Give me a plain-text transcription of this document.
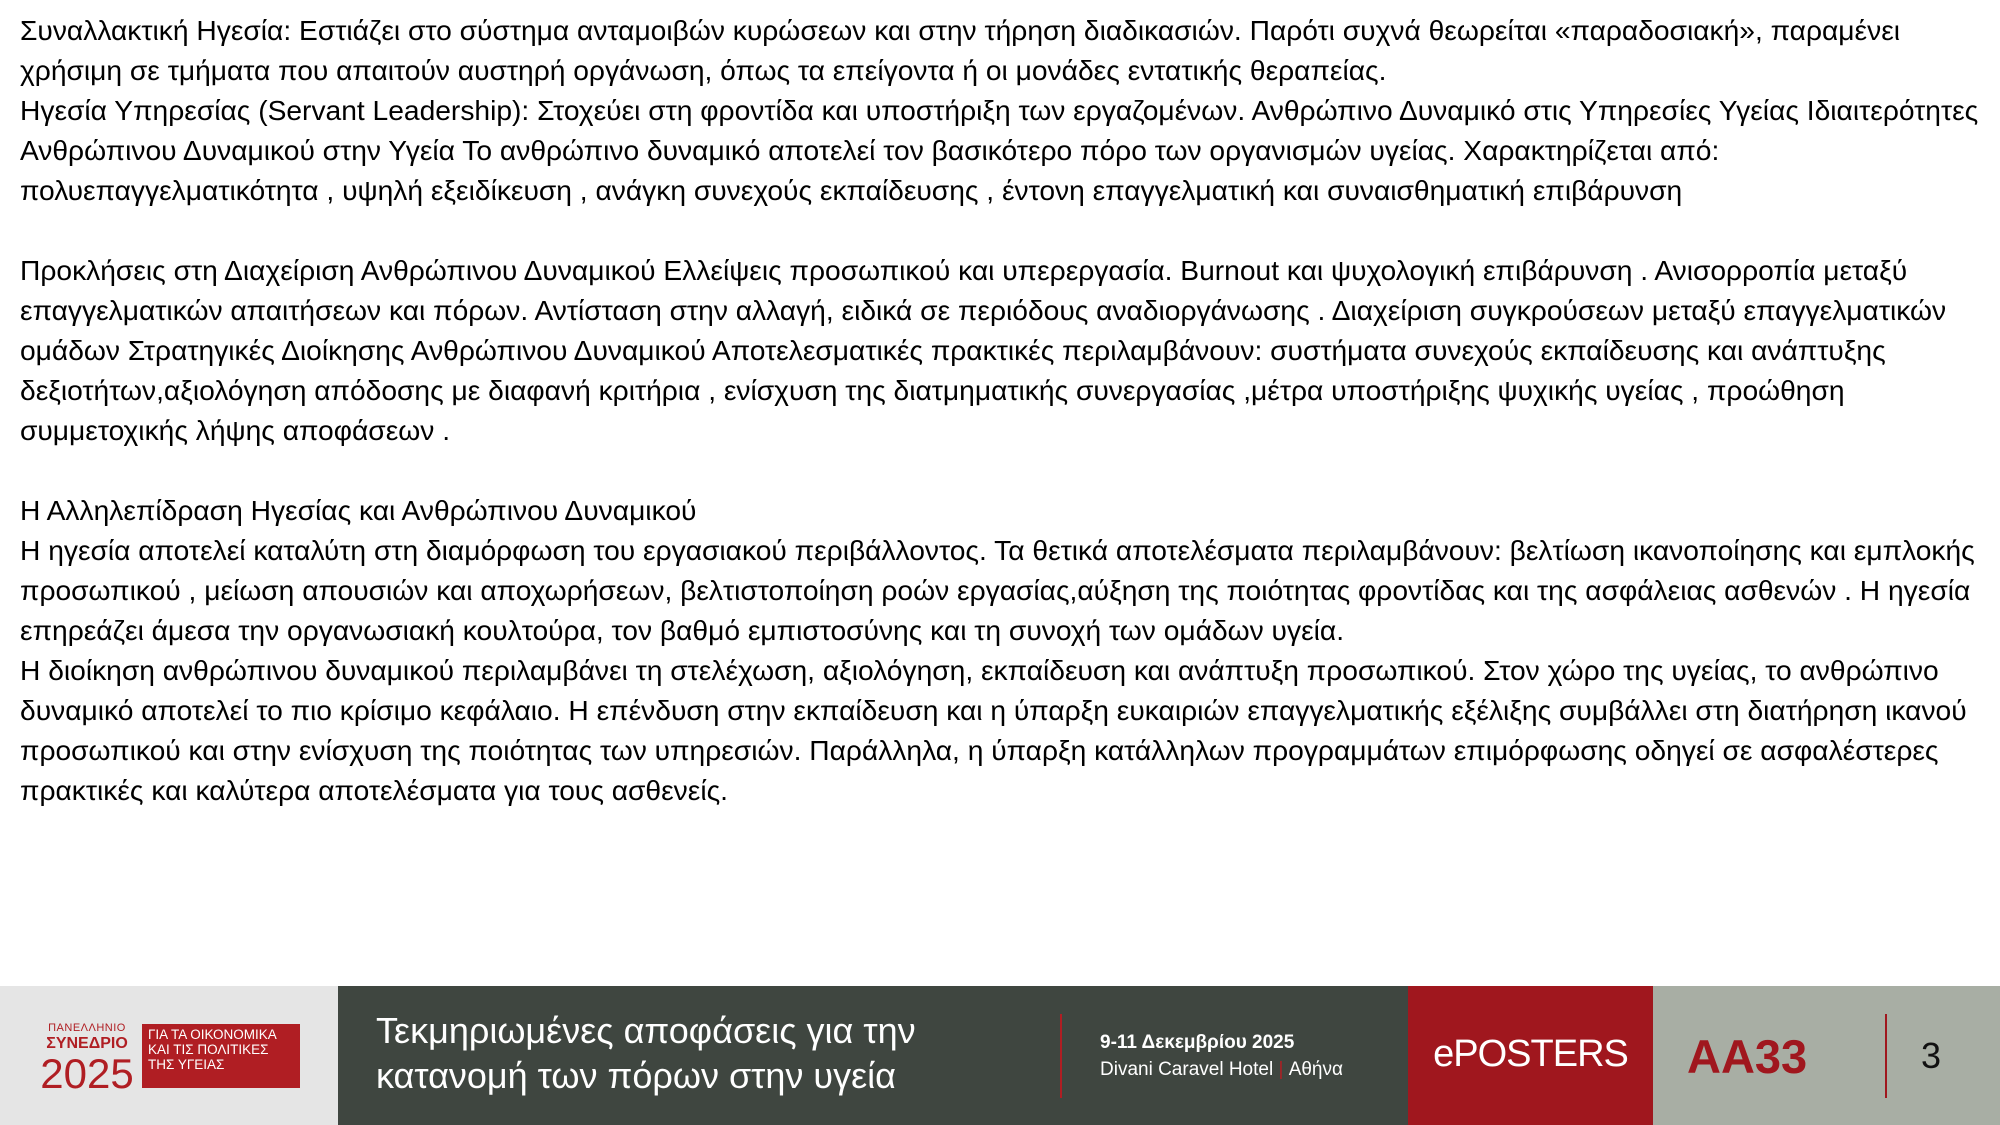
Συναλλακτική Ηγεσία: Εστιάζει στο σύστημα ανταμοιβών κυρώσεων και στην τήρηση διαδικασιών. Παρότι συχνά θεωρείται «παραδοσιακή», παραμένει χρήσιμη σε τμήματα που απαιτούν αυστηρή οργάνωση, όπως τα επείγοντα ή οι μονάδες εντατικής θεραπείας.

Ηγεσία Υπηρεσίας (Servant Leadership): Στοχεύει στη φροντίδα και υποστήριξη των εργαζομένων. Ανθρώπινο Δυναμικό στις Υπηρεσίες Υγείας Ιδιαιτερότητες Ανθρώπινου Δυναμικού στην Υγεία Το ανθρώπινο δυναμικό αποτελεί τον βασικότερο πόρο των οργανισμών υγείας. Χαρακτηρίζεται από: πολυεπαγγελματικότητα , υψηλή εξειδίκευση , ανάγκη συνεχούς εκπαίδευσης , έντονη επαγγελματική και συναισθηματική επιβάρυνση

Προκλήσεις στη Διαχείριση Ανθρώπινου Δυναμικού Ελλείψεις προσωπικού και υπερεργασία. Burnout και ψυχολογική επιβάρυνση . Ανισορροπία μεταξύ επαγγελματικών απαιτήσεων και πόρων. Αντίσταση στην αλλαγή, ειδικά σε περιόδους αναδιοργάνωσης . Διαχείριση συγκρούσεων μεταξύ επαγγελματικών ομάδων Στρατηγικές Διοίκησης Ανθρώπινου Δυναμικού Αποτελεσματικές πρακτικές περιλαμβάνουν: συστήματα συνεχούς εκπαίδευσης και ανάπτυξης δεξιοτήτων,αξιολόγηση απόδοσης με διαφανή κριτήρια , ενίσχυση της διατμηματικής συνεργασίας ,μέτρα υποστήριξης ψυχικής υγείας , προώθηση συμμετοχικής λήψης αποφάσεων .

Η Αλληλεπίδραση Ηγεσίας και Ανθρώπινου Δυναμικού

Η ηγεσία αποτελεί καταλύτη στη διαμόρφωση του εργασιακού περιβάλλοντος. Τα θετικά αποτελέσματα περιλαμβάνουν: βελτίωση ικανοποίησης και εμπλοκής προσωπικού , μείωση απουσιών και αποχωρήσεων, βελτιστοποίηση ροών εργασίας,αύξηση της ποιότητας φροντίδας και της ασφάλειας ασθενών . Η ηγεσία επηρεάζει άμεσα την οργανωσιακή κουλτούρα, τον βαθμό εμπιστοσύνης και τη συνοχή των ομάδων υγεία.

Η διοίκηση ανθρώπινου δυναμικού περιλαμβάνει τη στελέχωση, αξιολόγηση, εκπαίδευση και ανάπτυξη προσωπικού. Στον χώρο της υγείας, το ανθρώπινο δυναμικό αποτελεί το πιο κρίσιμο κεφάλαιο. Η επένδυση στην εκπαίδευση και η ύπαρξη ευκαιριών επαγγελματικής εξέλιξης συμβάλλει στη διατήρηση ικανού προσωπικού και στην ενίσχυση της ποιότητας των υπηρεσιών. Παράλληλα, η ύπαρξη κατάλληλων προγραμμάτων επιμόρφωσης οδηγεί σε ασφαλέστερες πρακτικές και καλύτερα αποτελέσματα για τους ασθενείς.

ΠΑΝΕΛΛΗΝΙΟ
ΣΥΝΕΔΡΙΟ
2025
ΓΙΑ ΤΑ ΟΙΚΟΝΟΜΙΚΑ
ΚΑΙ ΤΙΣ ΠΟΛΙΤΙΚΕΣ
ΤΗΣ ΥΓΕΙΑΣ
Τεκμηριωμένες αποφάσεις για την
κατανομή των πόρων στην υγεία
9-11 Δεκεμβρίου 2025
Divani Caravel Hotel | Αθήνα	ePOSTERS	AA33	3
